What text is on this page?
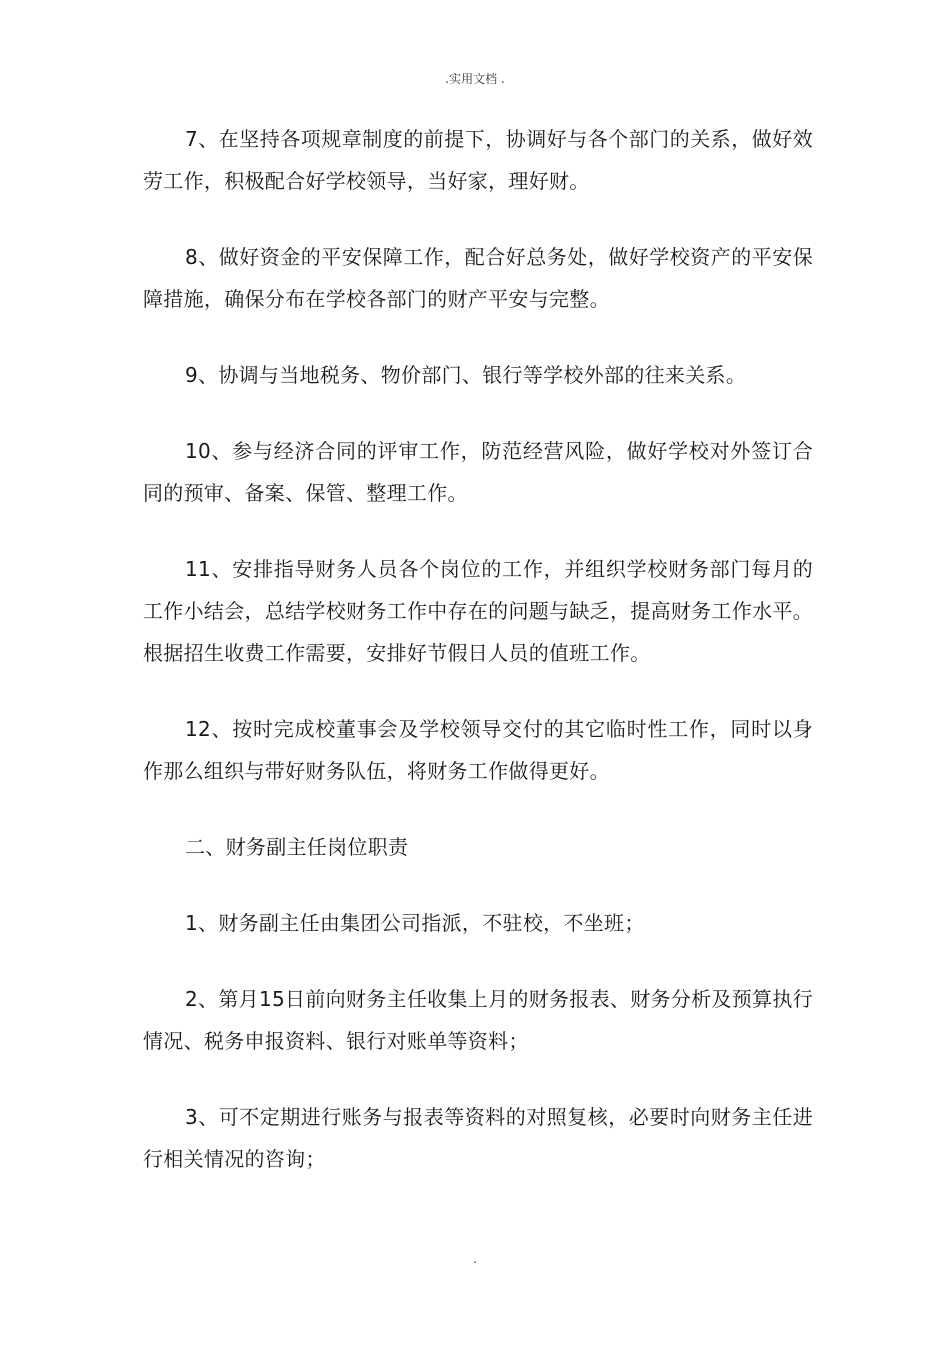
.实用文档 .

7、在坚持各项规章制度的前提下，协调好与各个部门的关系，做好效劳工作，积极配合好学校领导，当好家，理好财。

8、做好资金的平安保障工作，配合好总务处，做好学校资产的平安保障措施，确保分布在学校各部门的财产平安与完整。

9、协调与当地税务、物价部门、银行等学校外部的往来关系。

10、参与经济合同的评审工作，防范经营风险，做好学校对外签订合同的预审、备案、保管、整理工作。

11、安排指导财务人员各个岗位的工作，并组织学校财务部门每月的工作小结会，总结学校财务工作中存在的问题与缺乏，提高财务工作水平。根据招生收费工作需要，安排好节假日人员的值班工作。

12、按时完成校董事会及学校领导交付的其它临时性工作，同时以身作那么组织与带好财务队伍，将财务工作做得更好。

二、财务副主任岗位职责

1、财务副主任由集团公司指派，不驻校，不坐班；

2、第月15日前向财务主任收集上月的财务报表、财务分析及预算执行情况、税务申报资料、银行对账单等资料；

3、可不定期进行账务与报表等资料的对照复核，必要时向财务主任进行相关情况的咨询；

.
